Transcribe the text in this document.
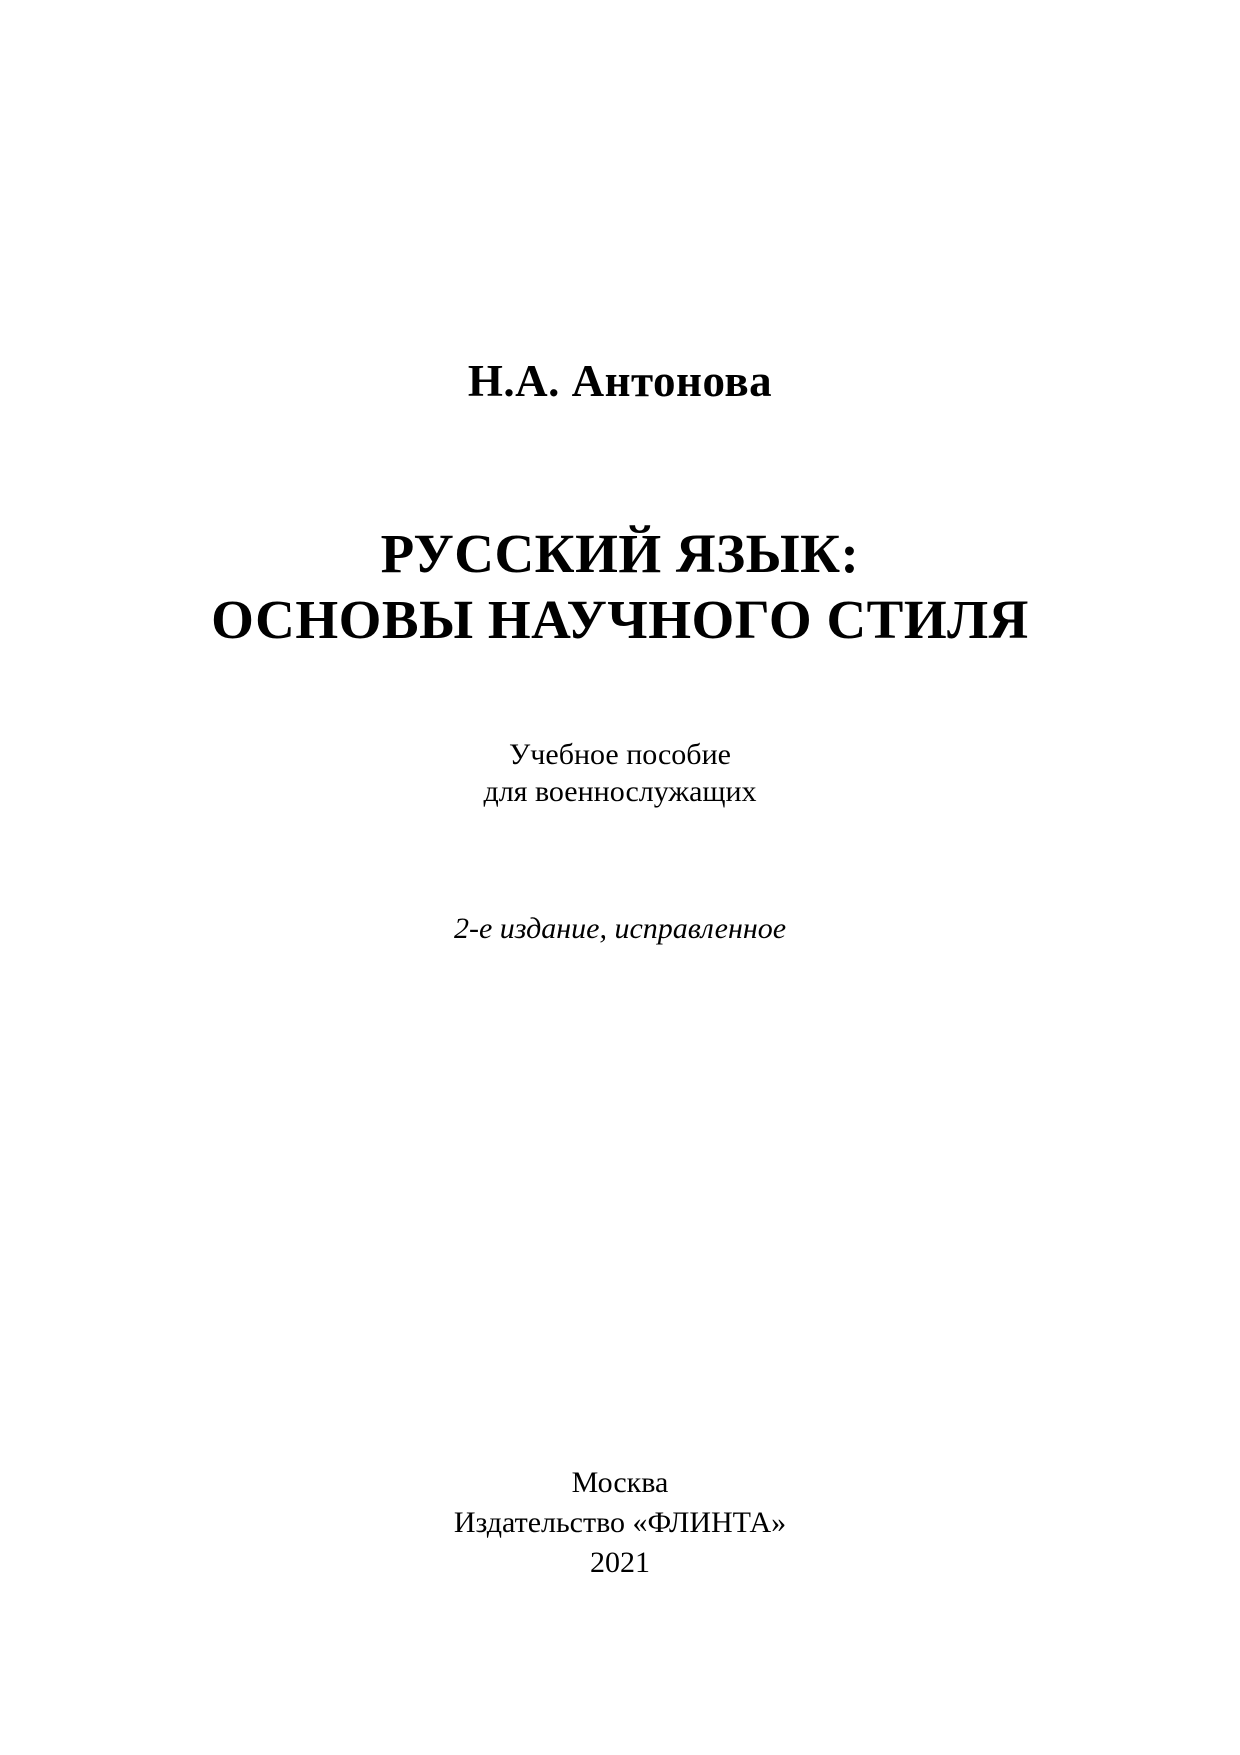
Н.А. Антонова
РУССКИЙ ЯЗЫК:
ОСНОВЫ НАУЧНОГО СТИЛЯ
Учебное пособие
для военнослужащих
2-е издание, исправленное
Москва
Издательство «ФЛИНТА»
2021
